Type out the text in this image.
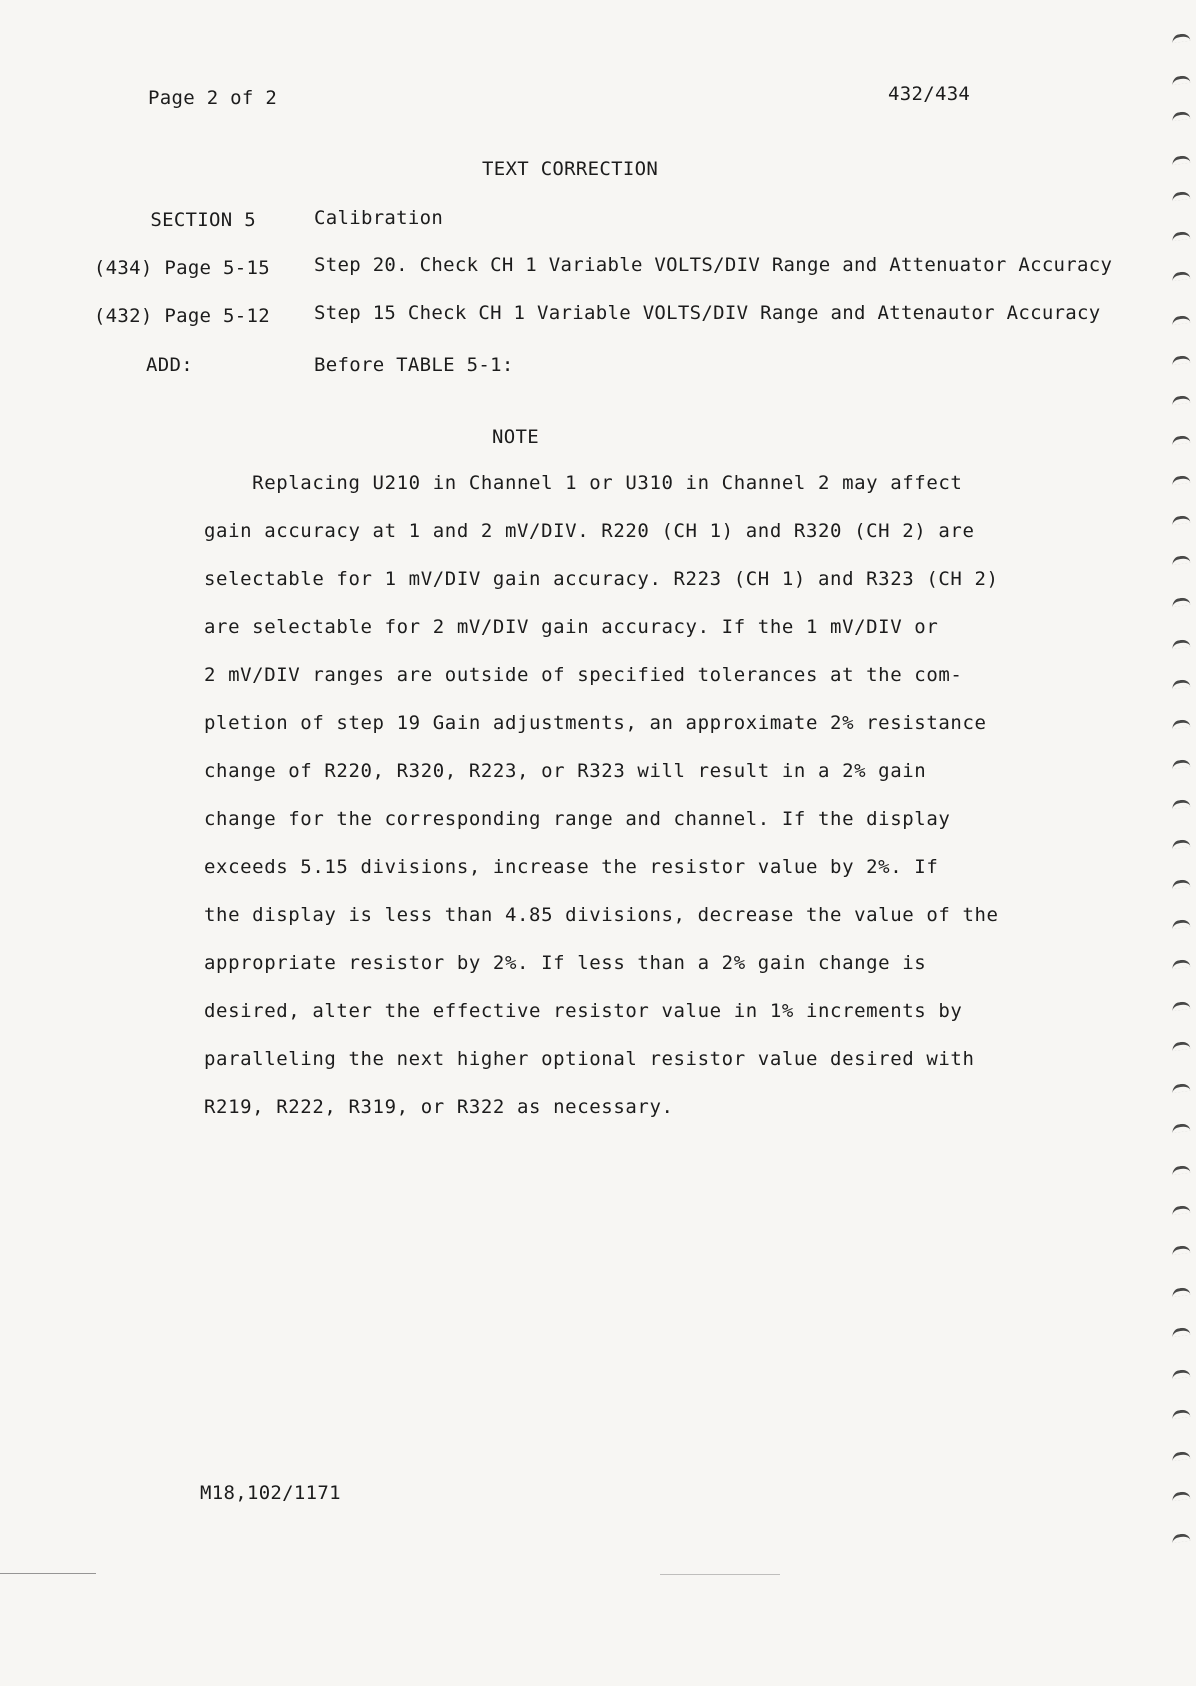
Page 2 of 2	432/434
TEXT CORRECTION
SECTION 5	Calibration
(434) Page 5-15 Step 20. Check CH 1 Variable VOLTS/DIV Range and Attenuator Accuracy
(432) Page 5-12 Step 15 Check CH 1 Variable VOLTS/DIV Range and Attenautor Accuracy
ADD:	Before TABLE 5-1:
NOTE
Replacing U210 in Channel 1 or U310 in Channel 2 may affect
gain accuracy at 1 and 2 mV/DIV. R220 (CH 1) and R320 (CH 2) are
selectable for 1 mV/DIV gain accuracy. R223 (CH 1) and R323 (CH 2)
are selectable for 2 mV/DIV gain accuracy. If the 1 mV/DIV or
2 mV/DIV ranges are outside of specified tolerances at the com-
pletion of step 19 Gain adjustments, an approximate 2% resistance
change of R220, R320, R223, or R323 will result in a 2% gain
change for the corresponding range and channel. If the display
exceeds 5.15 divisions, increase the resistor value by 2%. If
the display is less than 4.85 divisions, decrease the value of the
appropriate resistor by 2%. If less than a 2% gain change is
desired, alter the effective resistor value in 1% increments by
paralleling the next higher optional resistor value desired with
R219, R222, R319, or R322 as necessary.
M18,102/1171
